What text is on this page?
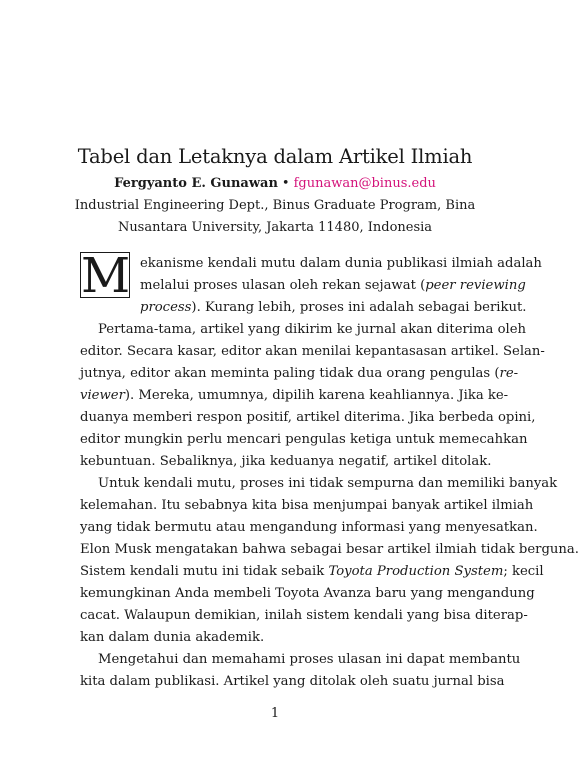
Tabel dan Letaknya dalam Artikel Ilmiah
Fergyanto E. Gunawan • fgunawan@binus.edu
Industrial Engineering Dept., Binus Graduate Program, Bina
Nusantara University, Jakarta 11480, Indonesia
M ekanisme kendali mutu dalam dunia publikasi ilmiah adalah
melalui proses ulasan oleh rekan sejawat (peer reviewing
process). Kurang lebih, proses ini adalah sebagai berikut.
Pertama-tama, artikel yang dikirim ke jurnal akan diterima oleh
editor. Secara kasar, editor akan menilai kepantasasan artikel. Selan-
jutnya, editor akan meminta paling tidak dua orang pengulas (re-
viewer). Mereka, umumnya, dipilih karena keahliannya. Jika ke-
duanya memberi respon positif, artikel diterima. Jika berbeda opini,
editor mungkin perlu mencari pengulas ketiga untuk memecahkan
kebuntuan. Sebaliknya, jika keduanya negatif, artikel ditolak.
Untuk kendali mutu, proses ini tidak sempurna dan memiliki banyak
kelemahan. Itu sebabnya kita bisa menjumpai banyak artikel ilmiah
yang tidak bermutu atau mengandung informasi yang menyesatkan.
Elon Musk mengatakan bahwa sebagai besar artikel ilmiah tidak berguna.
Sistem kendali mutu ini tidak sebaik Toyota Production System; kecil
kemungkinan Anda membeli Toyota Avanza baru yang mengandung
cacat. Walaupun demikian, inilah sistem kendali yang bisa diterap-
kan dalam dunia akademik.
Mengetahui dan memahami proses ulasan ini dapat membantu
kita dalam publikasi. Artikel yang ditolak oleh suatu jurnal bisa
1
